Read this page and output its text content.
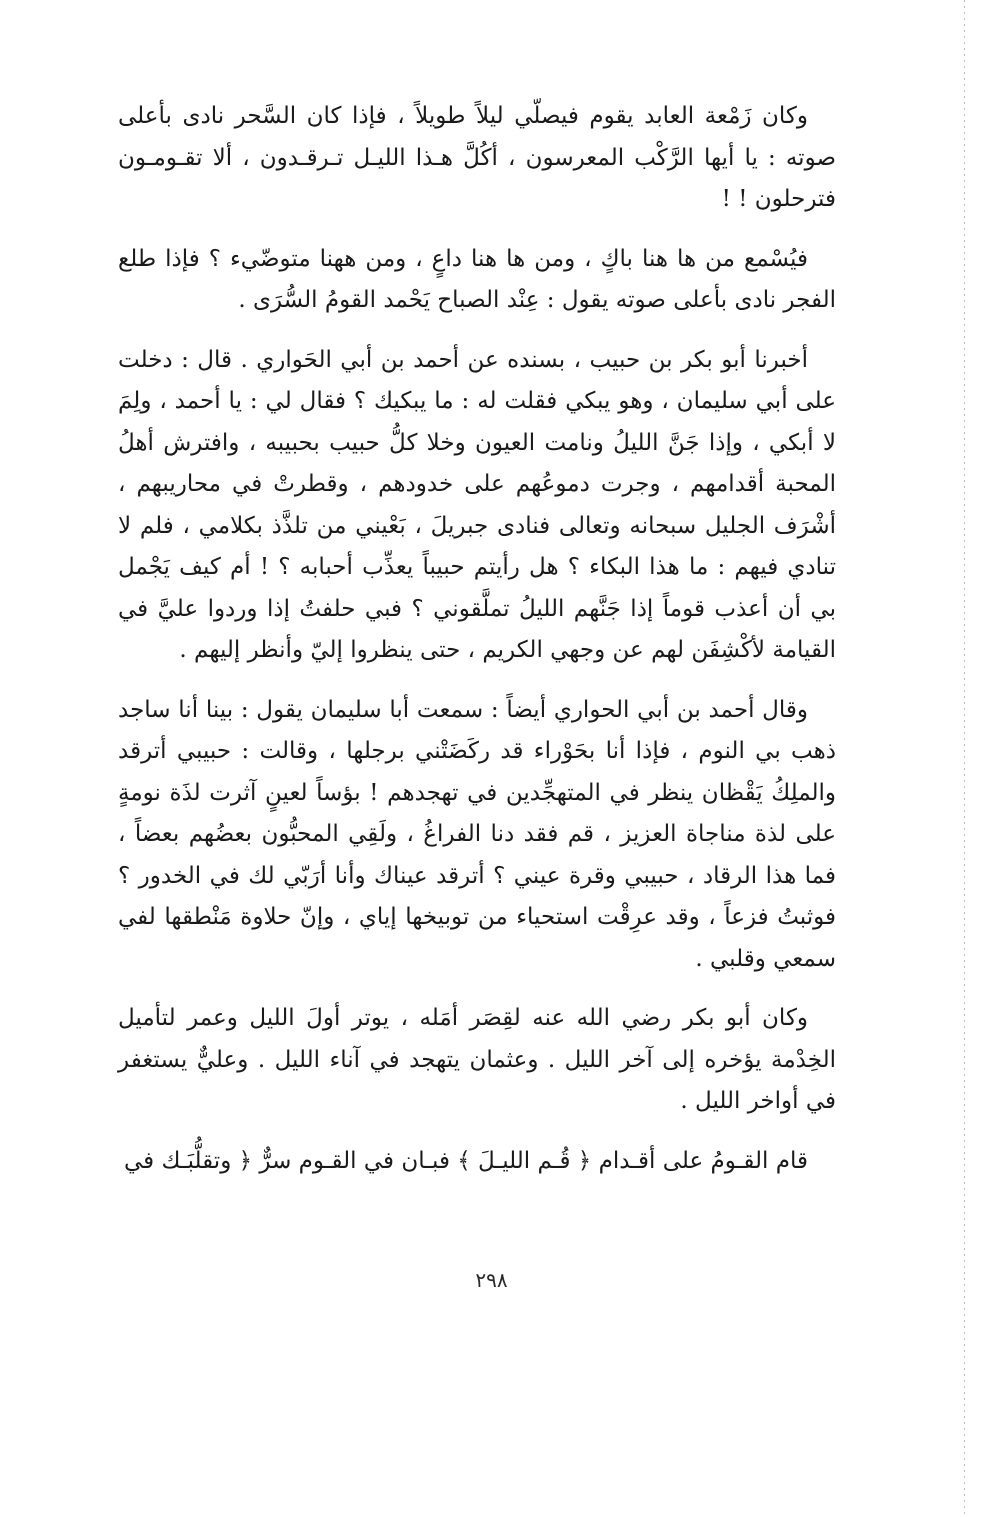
وكان زَمْعة العابد يقوم فيصلّي ليلاً طويلاً ، فإذا كان السَّحر نادى بأعلى صوته : يا أيها الرَّكْب المعرسون ، أكُلَّ هـذا الليـل تـرقـدون ، ألا تقـومـون فترحلون ! !

فيُسْمع من ها هنا باكٍ ، ومن ها هنا داعٍ ، ومن ههنا متوضّيء ؟ فإذا طلع الفجر نادى بأعلى صوته يقول : عِنْد الصباح يَحْمد القومُ السُّرَى .

أخبرنا أبو بكر بن حبيب ، بسنده عن أحمد بن أبي الحَواري . قال : دخلت على أبي سليمان ، وهو يبكي فقلت له : ما يبكيك ؟ فقال لي : يا أحمد ، ولِمَ لا أبكي ، وإذا جَنَّ الليلُ ونامت العيون وخلا كلُّ حبيب بحبيبه ، وافترش أهلُ المحبة أقدامهم ، وجرت دموعُهم على خدودهم ، وقطرتْ في محاريبهم ، أشْرَف الجليل سبحانه وتعالى فنادى جبريلَ ، بَعْيني من تلذَّذ بكلامي ، فلم لا تنادي فيهم : ما هذا البكاء ؟ هل رأيتم حبيباً يعذِّب أحبابه ؟ ! أم كيف يَجْمل بي أن أعذب قوماً إذا جَنَّهم الليلُ تملَّقوني ؟ فبي حلفتُ إذا وردوا عليَّ في القيامة لأكْشِفَن لهم عن وجهي الكريم ، حتى ينظروا إليّ وأنظر إليهم .

وقال أحمد بن أبي الحواري أيضاً : سمعت أبا سليمان يقول : بينا أنا ساجد ذهب بي النوم ، فإذا أنا بحَوْراء قد ركَضَتْني برجلها ، وقالت : حبيبي أترقد والملِكُ يَقْظان ينظر في المتهجِّدين في تهجدهم ! بؤساً لعينٍ آثرت لذَة نومةٍ على لذة مناجاة العزيز ، قم فقد دنا الفراغُ ، ولَقِي المحبُّون بعضُهم بعضاً ، فما هذا الرقاد ، حبيبي وقرة عيني ؟ أترقد عيناك وأنا أرَبّي لك في الخدور ؟ فوثبتُ فزعاً ، وقد عرِقْت استحياء من توبيخها إياي ، وإنّ حلاوة مَنْطقها لفي سمعي وقلبي .

وكان أبو بكر رضي الله عنه لقِصَر أمَله ، يوتر أولَ الليل وعمر لتأميل الخِدْمة يؤخره إلى آخر الليل . وعثمان يتهجد في آناء الليل . وعليٌّ يستغفر في أواخر الليل .

قام القـومُ على أقـدام ﴿ قُـم الليـلَ ﴾ فبـان في القـوم سرٌّ ﴿ وتقلُّبَـك في

٢٩٨
